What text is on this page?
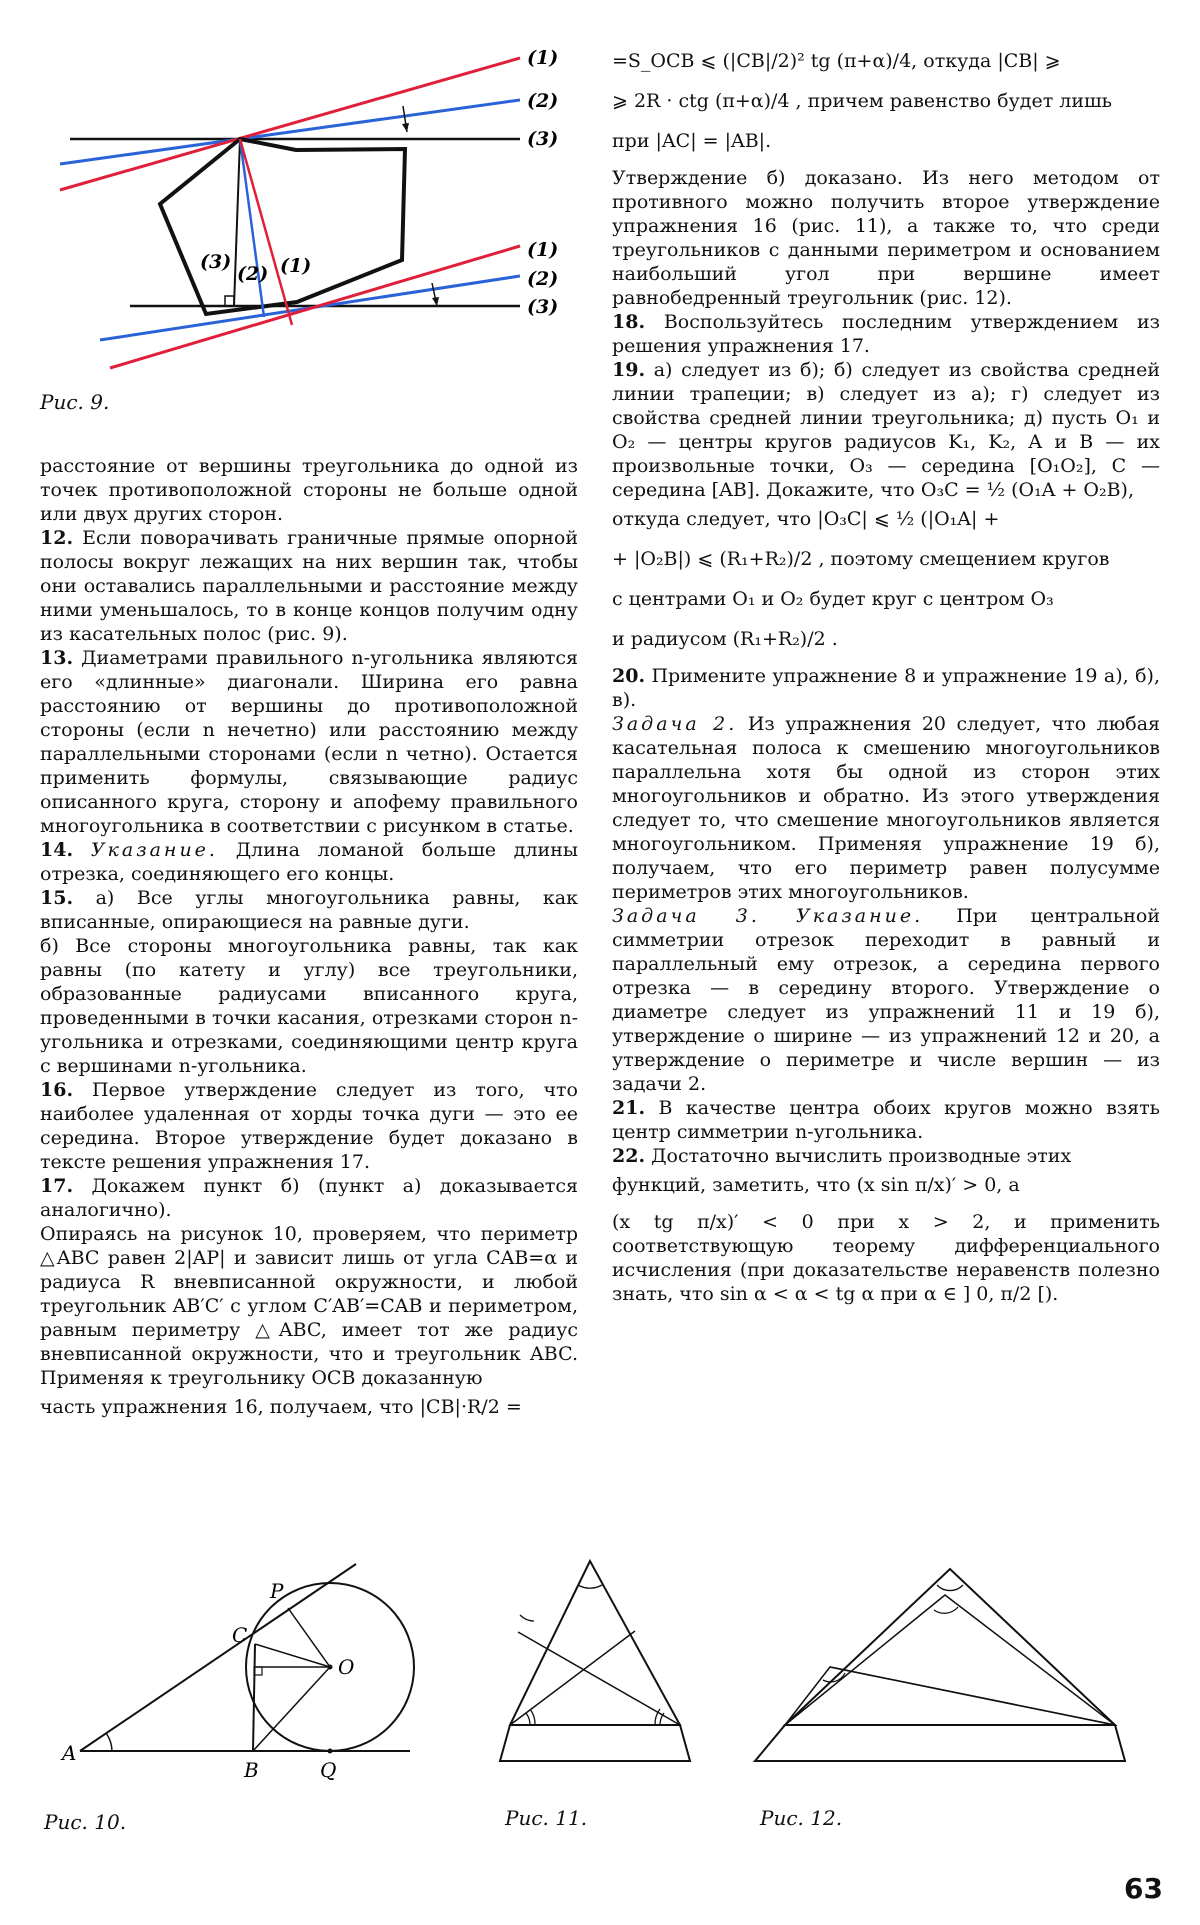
(1)
(2)
(3)
(1)
(2)
(3)
(3)
(2) (1)
Рис. 9.

расстояние от вершины треугольника до одной из точек противоположной стороны не больше одной или двух других сторон.

12. Если поворачивать граничные прямые опорной полосы вокруг лежащих на них вершин так, чтобы они оставались параллельными и расстояние между ними уменьшалось, то в конце концов получим одну из касательных полос (рис. 9).

13. Диаметрами правильного n-угольника являются его «длинные» диагонали. Ширина его равна расстоянию от вершины до противоположной стороны (если n нечетно) или расстоянию между параллельными сторонами (если n четно). Остается применить формулы, связывающие радиус описанного круга, сторону и апофему правильного многоугольника в соответствии с рисунком в статье.

14. Указание. Длина ломаной больше длины отрезка, соединяющего его концы.

15. а) Все углы многоугольника равны, как вписанные, опирающиеся на равные дуги.

б) Все стороны многоугольника равны, так как равны (по катету и углу) все треугольники, образованные радиусами вписанного круга, проведенными в точки касания, отрезками сторон n-угольника и отрезками, соединяющими центр круга с вершинами n-угольника.

16. Первое утверждение следует из того, что наиболее удаленная от хорды точка дуги — это ее середина. Второе утверждение будет доказано в тексте решения упражнения 17.

17. Докажем пункт б) (пункт а) доказывается аналогично).

Опираясь на рисунок 10, проверяем, что периметр △ABC равен 2|AP| и зависит лишь от угла CAB=α и радиуса R вневписанной окружности, и любой треугольник AB′C′ с углом C′AB′=CAB и периметром, равным периметру △ABC, имеет тот же радиус вневписанной окружности, что и треугольник ABC. Применяя к треугольнику OCB доказанную

часть упражнения 16, получаем, что |CB|·R/2 =

=S_OCB ⩽ (|CB|/2)² tg (π+α)/4, откуда |CB| ⩾

⩾ 2R · ctg (π+α)/4 , причем равенство будет лишь

при |AC| = |AB|.

Утверждение б) доказано. Из него методом от противного можно получить второе утверждение упражнения 16 (рис. 11), а также то, что среди треугольников с данными периметром и основанием наибольший угол при вершине имеет равнобедренный треугольник (рис. 12).

18. Воспользуйтесь последним утверждением из решения упражнения 17.

19. а) следует из б); б) следует из свойства средней линии трапеции; в) следует из а); г) следует из свойства средней линии треугольника; д) пусть O₁ и O₂ — центры кругов радиусов K₁, K₂, A и B — их произвольные точки, O₃ — середина [O₁O₂], C — середина [AB]. Докажите, что O₃C = ½ (O₁A + O₂B),

откуда следует, что |O₃C| ⩽ ½ (|O₁A| +

+ |O₂B|) ⩽ (R₁+R₂)/2 , поэтому смещением кругов

с центрами O₁ и O₂ будет круг с центром O₃

и радиусом (R₁+R₂)/2 .

20. Примените упражнение 8 и упражнение 19 а), б), в).

Задача 2. Из упражнения 20 следует, что любая касательная полоса к смешению многоугольников параллельна хотя бы одной из сторон этих многоугольников и обратно. Из этого утверждения следует то, что смешение многоугольников является многоугольником. Применяя упражнение 19 б), получаем, что его периметр равен полусумме периметров этих многоугольников.

Задача 3. Указание. При центральной симметрии отрезок переходит в равный и параллельный ему отрезок, а середина первого отрезка — в середину второго. Утверждение о диаметре следует из упражнений 11 и 19 б), утверждение о ширине — из упражнений 12 и 20, а утверждение о периметре и числе вершин — из задачи 2.

21. В качестве центра обоих кругов можно взять центр симметрии n-угольника.

22. Достаточно вычислить производные этих

функций, заметить, что (x sin π/x)′ > 0, а

(x tg π/x)′ < 0 при x > 2, и применить соответствующую теорему дифференциального исчисления (при доказательстве неравенств полезно знать, что sin α < α < tg α при α ∈ ] 0, π/2 [).

A
B
C
P
O
Q
Рис. 10.	Рис. 11.	Рис. 12.
63
